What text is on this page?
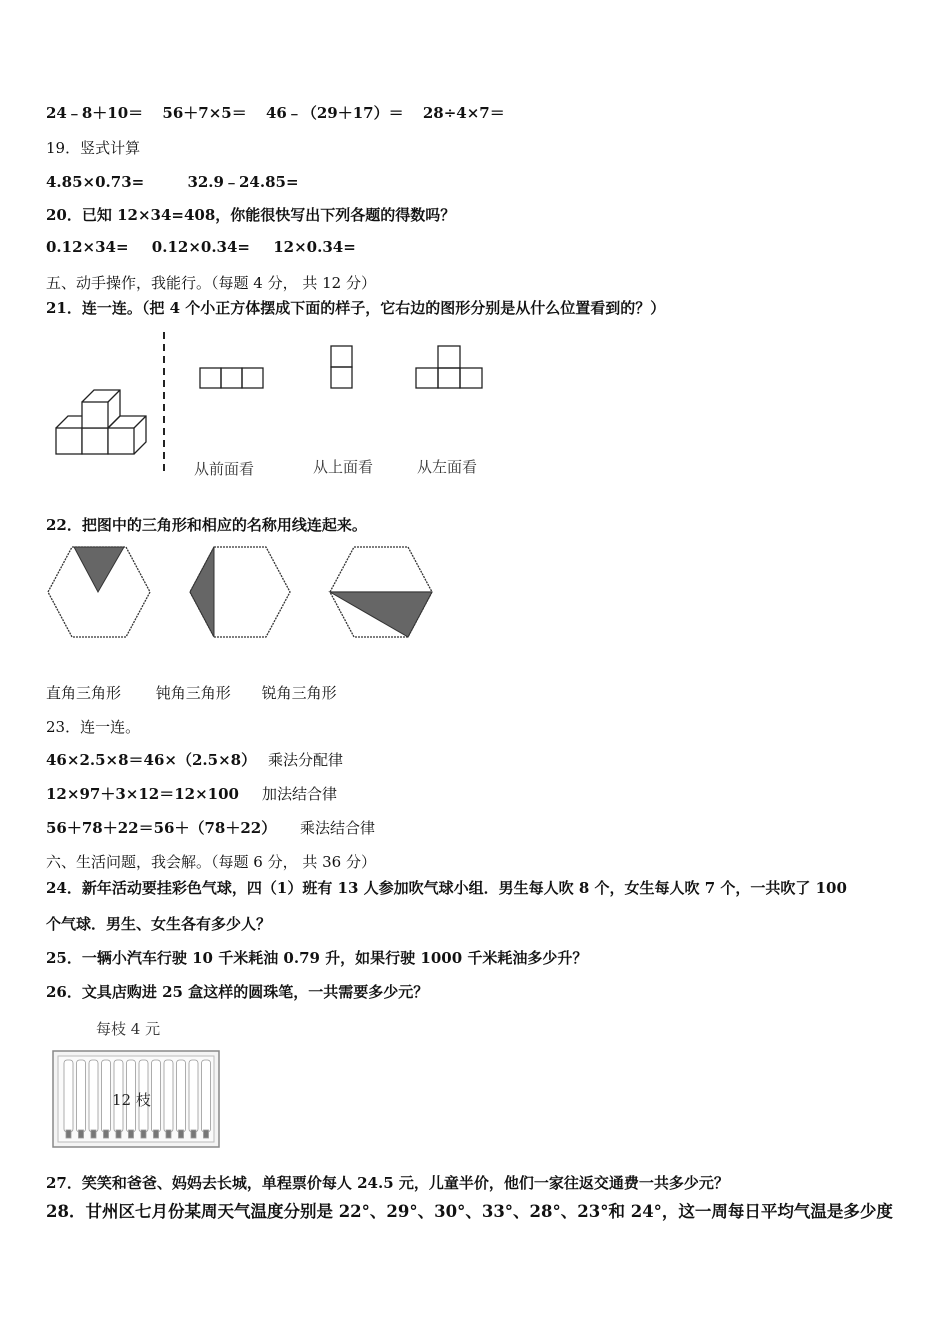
24﹣8＋10＝ 56＋7×5＝ 46﹣（29＋17）＝ 28÷4×7＝
19．竖式计算
4.85×0.73=	32.9﹣24.85=
20．已知 12×34=408，你能很快写出下列各题的得数吗？
0.12×34= 0.12×0.34= 12×0.34=
五、动手操作，我能行。（每题 4 分， 共 12 分）
21．连一连。（把 4 个小正方体摆成下面的样子，它右边的图形分别是从什么位置看到的？）
从前面看	从上面看	从左面看
22．把图中的三角形和相应的名称用线连起来。
直角三角形 钝角三角形 锐角三角形
23．连一连。
46×2.5×8＝46×（2.5×8） 乘法分配律
12×97＋3×12＝12×100 加法结合律
56＋78＋22＝56＋（78＋22） 乘法结合律
六、生活问题，我会解。（每题 6 分， 共 36 分）
24．新年活动要挂彩色气球，四（1）班有 13 人参加吹气球小组．男生每人吹 8 个，女生每人吹 7 个，一共吹了 100
个气球．男生、女生各有多少人？
25．一辆小汽车行驶 10 千米耗油 0.79 升，如果行驶 1000 千米耗油多少升？
26．文具店购进 25 盒这样的圆珠笔，一共需要多少元？
每枝 4 元
12 枝
27．笑笑和爸爸、妈妈去长城，单程票价每人 24.5 元，儿童半价，他们一家往返交通费一共多少元？
28．甘州区七月份某周天气温度分别是 22°、29°、30°、33°、28°、23°和 24°，这一周每日平均气温是多少度
